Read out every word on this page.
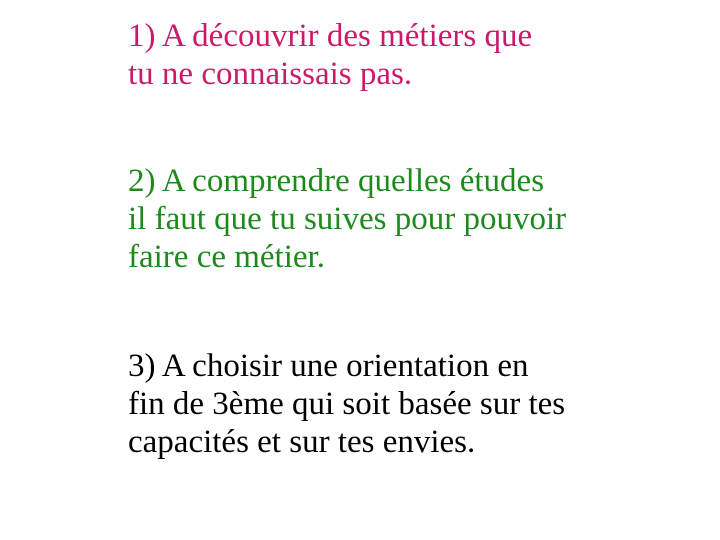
1) A découvrir des métiers que
tu ne connaissais pas.

2) A comprendre quelles études
il faut que tu suives pour pouvoir
faire ce métier.

3) A choisir une orientation en
fin de 3ème qui soit basée sur tes
capacités et sur tes envies.
